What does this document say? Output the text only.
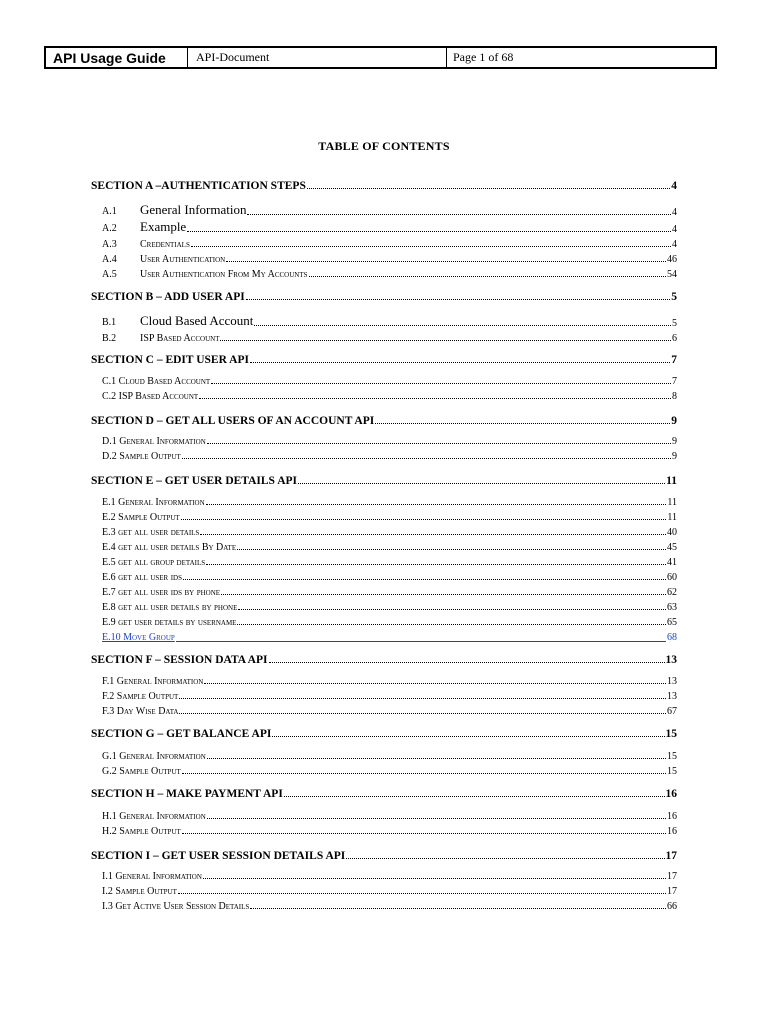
API Usage Guide	API-Document	Page 1 of 68
TABLE OF CONTENTS
SECTION A –AUTHENTICATION STEPS	4
A.1 General Information	4
A.2 Example	4
A.3 Credentials	4
A.4 User Authentication	46
A.5 User Authentication From My Accounts	54
SECTION B – ADD USER API	5
B.1 Cloud Based Account	5
B.2 ISP Based Account	6
SECTION C – EDIT USER API	7
C.1 Cloud Based Account	7
C.2 ISP Based Account	8
SECTION D – GET ALL USERS OF AN ACCOUNT API	9
D.1 General Information	9
D.2 Sample Output	9
SECTION E – GET USER DETAILS API	11
E.1 General Information	11
E.2 Sample Output	11
E.3 get all user details	40
E.4 get all user details By Date	45
E.5 get all group details	41
E.6 get all user ids	60
E.7 get all user ids by phone	62
E.8 get all user details by phone	63
E.9 get user details by username	65
E.10 Move Group	68
SECTION F – SESSION DATA API	13
F.1 General Information	13
F.2 Sample Output	13
F.3 Day Wise Data	67
SECTION G – GET BALANCE API	15
G.1 General Information	15
G.2 Sample Output	15
SECTION H – MAKE PAYMENT API	16
H.1 General Information	16
H.2 Sample Output	16
SECTION I – GET USER SESSION DETAILS API	17
I.1 General Information	17
I.2 Sample Output	17
I.3 Get Active User Session Details	66
